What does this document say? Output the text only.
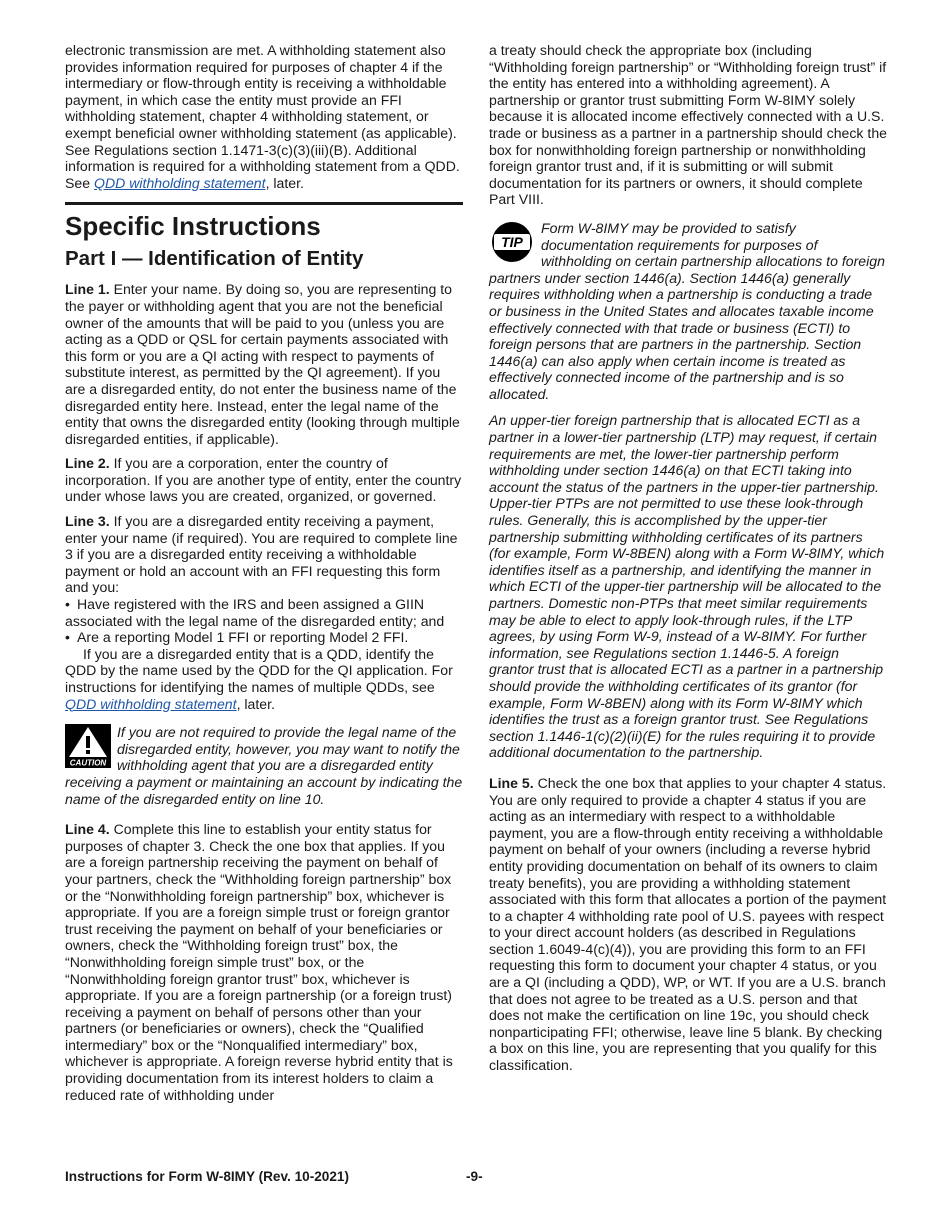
electronic transmission are met. A withholding statement also provides information required for purposes of chapter 4 if the intermediary or flow-through entity is receiving a withholdable payment, in which case the entity must provide an FFI withholding statement, chapter 4 withholding statement, or exempt beneficial owner withholding statement (as applicable). See Regulations section 1.1471-3(c)(3)(iii)(B). Additional information is required for a withholding statement from a QDD. See QDD withholding statement, later.

Specific Instructions
Part I — Identification of Entity

Line 1. Enter your name. By doing so, you are representing to the payer or withholding agent that you are not the beneficial owner of the amounts that will be paid to you (unless you are acting as a QDD or QSL for certain payments associated with this form or you are a QI acting with respect to payments of substitute interest, as permitted by the QI agreement). If you are a disregarded entity, do not enter the business name of the disregarded entity here. Instead, enter the legal name of the entity that owns the disregarded entity (looking through multiple disregarded entities, if applicable).

Line 2. If you are a corporation, enter the country of incorporation. If you are another type of entity, enter the country under whose laws you are created, organized, or governed.

Line 3. If you are a disregarded entity receiving a payment, enter your name (if required). You are required to complete line 3 if you are a disregarded entity receiving a withholdable payment or hold an account with an FFI requesting this form and you:

• Have registered with the IRS and been assigned a GIIN associated with the legal name of the disregarded entity; and

• Are a reporting Model 1 FFI or reporting Model 2 FFI.

If you are a disregarded entity that is a QDD, identify the QDD by the name used by the QDD for the QI application. For instructions for identifying the names of multiple QDDs, see QDD withholding statement, later.

CAUTION
If you are not required to provide the legal name of the disregarded entity, however, you may want to notify the withholding agent that you are a disregarded entity receiving a payment or maintaining an account by indicating the name of the disregarded entity on line 10.

Line 4. Complete this line to establish your entity status for purposes of chapter 3. Check the one box that applies. If you are a foreign partnership receiving the payment on behalf of your partners, check the “Withholding foreign partnership” box or the “Nonwithholding foreign partnership” box, whichever is appropriate. If you are a foreign simple trust or foreign grantor trust receiving the payment on behalf of your beneficiaries or owners, check the “Withholding foreign trust” box, the “Nonwithholding foreign simple trust” box, or the “Nonwithholding foreign grantor trust” box, whichever is appropriate. If you are a foreign partnership (or a foreign trust) receiving a payment on behalf of persons other than your partners (or beneficiaries or owners), check the “Qualified intermediary” box or the “Nonqualified intermediary” box, whichever is appropriate. A foreign reverse hybrid entity that is providing documentation from its interest holders to claim a reduced rate of withholding under

a treaty should check the appropriate box (including “Withholding foreign partnership” or “Withholding foreign trust” if the entity has entered into a withholding agreement). A partnership or grantor trust submitting Form W-8IMY solely because it is allocated income effectively connected with a U.S. trade or business as a partner in a partnership should check the box for nonwithholding foreign partnership or nonwithholding foreign grantor trust and, if it is submitting or will submit documentation for its partners or owners, it should complete Part VIII.

TIP
Form W-8IMY may be provided to satisfy documentation requirements for purposes of withholding on certain partnership allocations to foreign partners under section 1446(a). Section 1446(a) generally requires withholding when a partnership is conducting a trade or business in the United States and allocates taxable income effectively connected with that trade or business (ECTI) to foreign persons that are partners in the partnership. Section 1446(a) can also apply when certain income is treated as effectively connected income of the partnership and is so allocated.
An upper-tier foreign partnership that is allocated ECTI as a partner in a lower-tier partnership (LTP) may request, if certain requirements are met, the lower-tier partnership perform withholding under section 1446(a) on that ECTI taking into account the status of the partners in the upper-tier partnership. Upper-tier PTPs are not permitted to use these look-through rules. Generally, this is accomplished by the upper-tier partnership submitting withholding certificates of its partners (for example, Form W-8BEN) along with a Form W-8IMY, which identifies itself as a partnership, and identifying the manner in which ECTI of the upper-tier partnership will be allocated to the partners. Domestic non-PTPs that meet similar requirements may be able to elect to apply look-through rules, if the LTP agrees, by using Form W-9, instead of a W-8IMY. For further information, see Regulations section 1.1446-5. A foreign grantor trust that is allocated ECTI as a partner in a partnership should provide the withholding certificates of its grantor (for example, Form W-8BEN) along with its Form W-8IMY which identifies the trust as a foreign grantor trust. See Regulations section 1.1446-1(c)(2)(ii)(E) for the rules requiring it to provide additional documentation to the partnership.

Line 5. Check the one box that applies to your chapter 4 status. You are only required to provide a chapter 4 status if you are acting as an intermediary with respect to a withholdable payment, you are a flow-through entity receiving a withholdable payment on behalf of your owners (including a reverse hybrid entity providing documentation on behalf of its owners to claim treaty benefits), you are providing a withholding statement associated with this form that allocates a portion of the payment to a chapter 4 withholding rate pool of U.S. payees with respect to your direct account holders (as described in Regulations section 1.6049-4(c)(4)), you are providing this form to an FFI requesting this form to document your chapter 4 status, or you are a QI (including a QDD), WP, or WT. If you are a U.S. branch that does not agree to be treated as a U.S. person and that does not make the certification on line 19c, you should check nonparticipating FFI; otherwise, leave line 5 blank. By checking a box on this line, you are representing that you qualify for this classification.

Instructions for Form W-8IMY (Rev. 10-2021)	-9-
